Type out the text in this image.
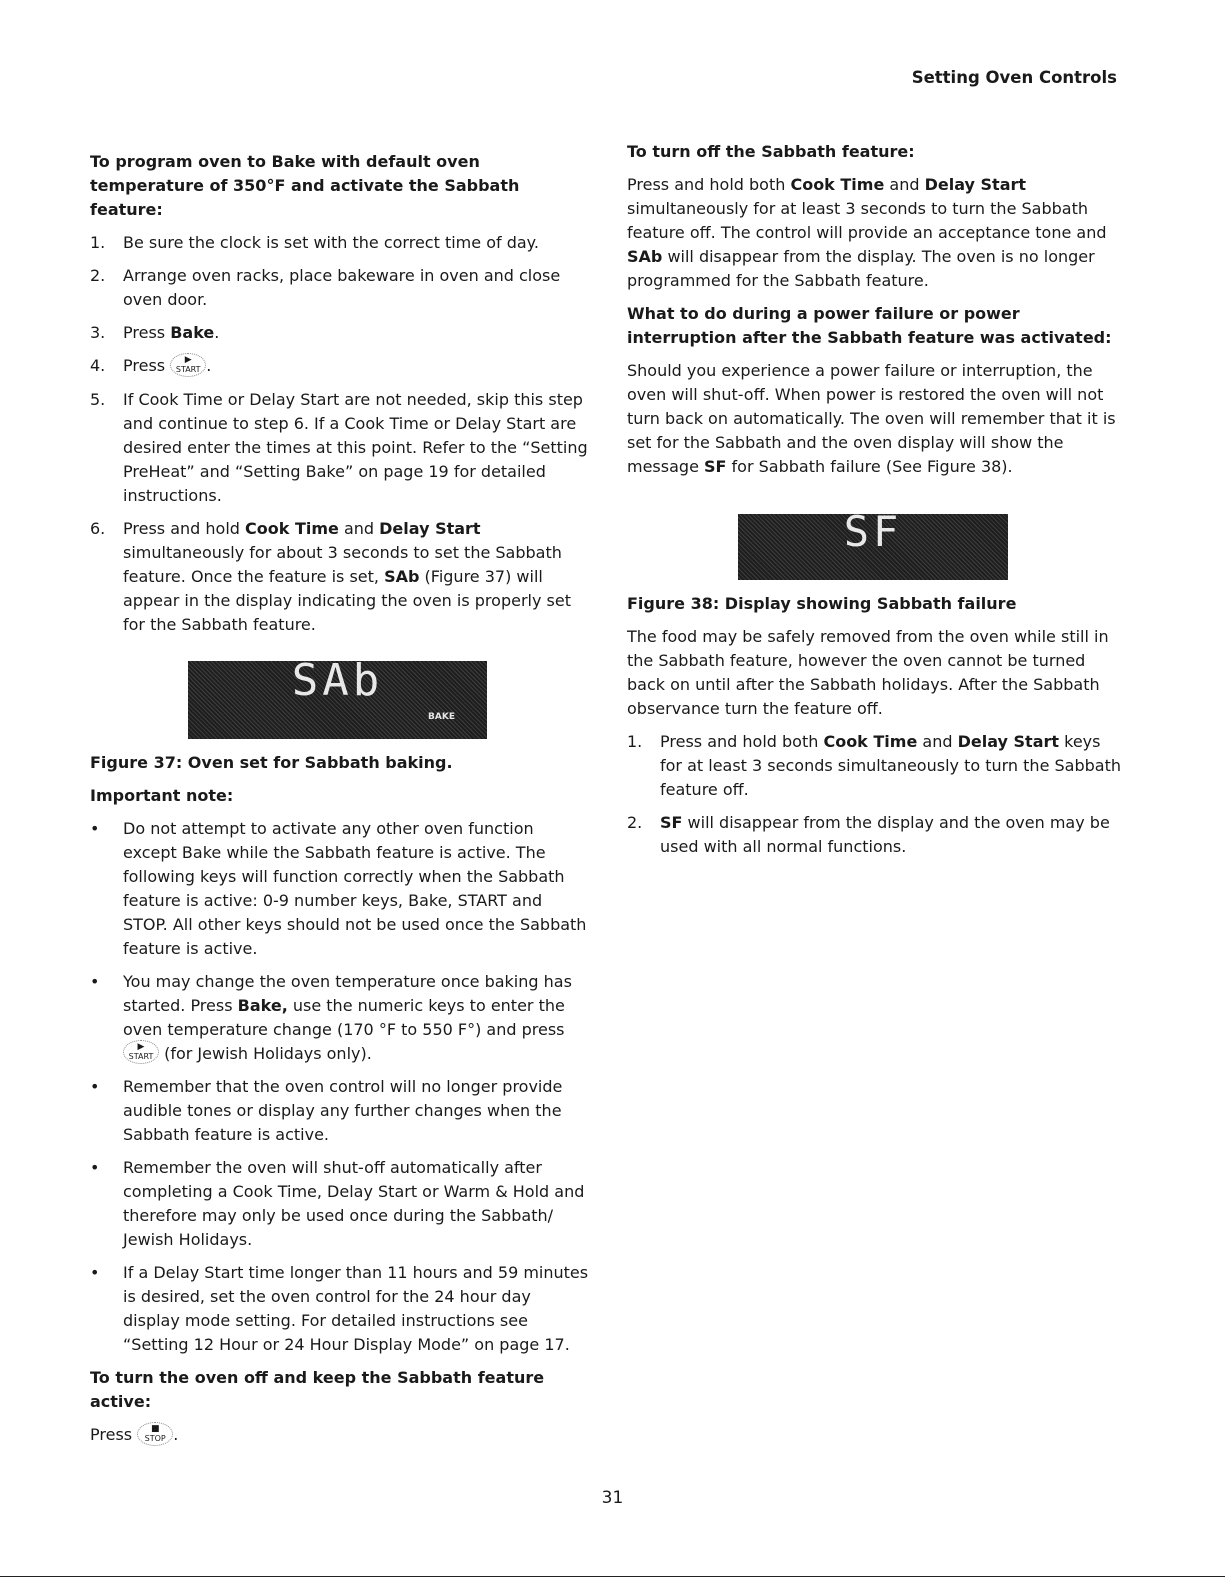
Setting Oven Controls
To program oven to Bake with default oven temperature of 350°F and activate the Sabbath feature:
1. Be sure the clock is set with the correct time of day.
2. Arrange oven racks, place bakeware in oven and close oven door.
3. Press Bake.
4. Press	▶
START .
5. If Cook Time or Delay Start are not needed, skip this step and continue to step 6. If a Cook Time or Delay Start are desired enter the times at this point. Refer to the “Setting PreHeat” and “Setting Bake” on page 19 for detailed instructions.
6. Press and hold Cook Time and Delay Start simultaneously for about 3 seconds to set the Sabbath feature. Once the feature is set, SAb (Figure 37) will appear in the display indicating the oven is properly set for the Sabbath feature.
SAb
BAKE
Figure 37: Oven set for Sabbath baking.
Important note:
• Do not attempt to activate any other oven function except Bake while the Sabbath feature is active. The following keys will function correctly when the Sabbath feature is active: 0-9 number keys, Bake, START and STOP. All other keys should not be used once the Sabbath feature is active.
• You may change the oven temperature once baking has started. Press Bake, use the numeric keys to enter the oven temperature change (170 °F to 550 F°) and press
▶
START (for Jewish Holidays only).
• Remember that the oven control will no longer provide audible tones or display any further changes when the Sabbath feature is active.
• Remember the oven will shut-off automatically after completing a Cook Time, Delay Start or Warm & Hold and therefore may only be used once during the Sabbath/ Jewish Holidays.
• If a Delay Start time longer than 11 hours and 59 minutes is desired, set the oven control for the 24 hour day display mode setting. For detailed instructions see “Setting 12 Hour or 24 Hour Display Mode” on page 17.
To turn the oven off and keep the Sabbath feature active:

Press	■
STOP .

To turn off the Sabbath feature:

Press and hold both Cook Time and Delay Start simultaneously for at least 3 seconds to turn the Sabbath feature off. The control will provide an acceptance tone and SAb will disappear from the display. The oven is no longer programmed for the Sabbath feature.

What to do during a power failure or power interruption after the Sabbath feature was activated:

Should you experience a power failure or interruption, the oven will shut-off. When power is restored the oven will not turn back on automatically. The oven will remember that it is set for the Sabbath and the oven display will show the message SF for Sabbath failure (See Figure 38).

SF
Figure 38: Display showing Sabbath failure

The food may be safely removed from the oven while still in the Sabbath feature, however the oven cannot be turned back on until after the Sabbath holidays. After the Sabbath observance turn the feature off.

1. Press and hold both Cook Time and Delay Start keys for at least 3 seconds simultaneously to turn the Sabbath feature off.
2. SF will disappear from the display and the oven may be used with all normal functions.
31
